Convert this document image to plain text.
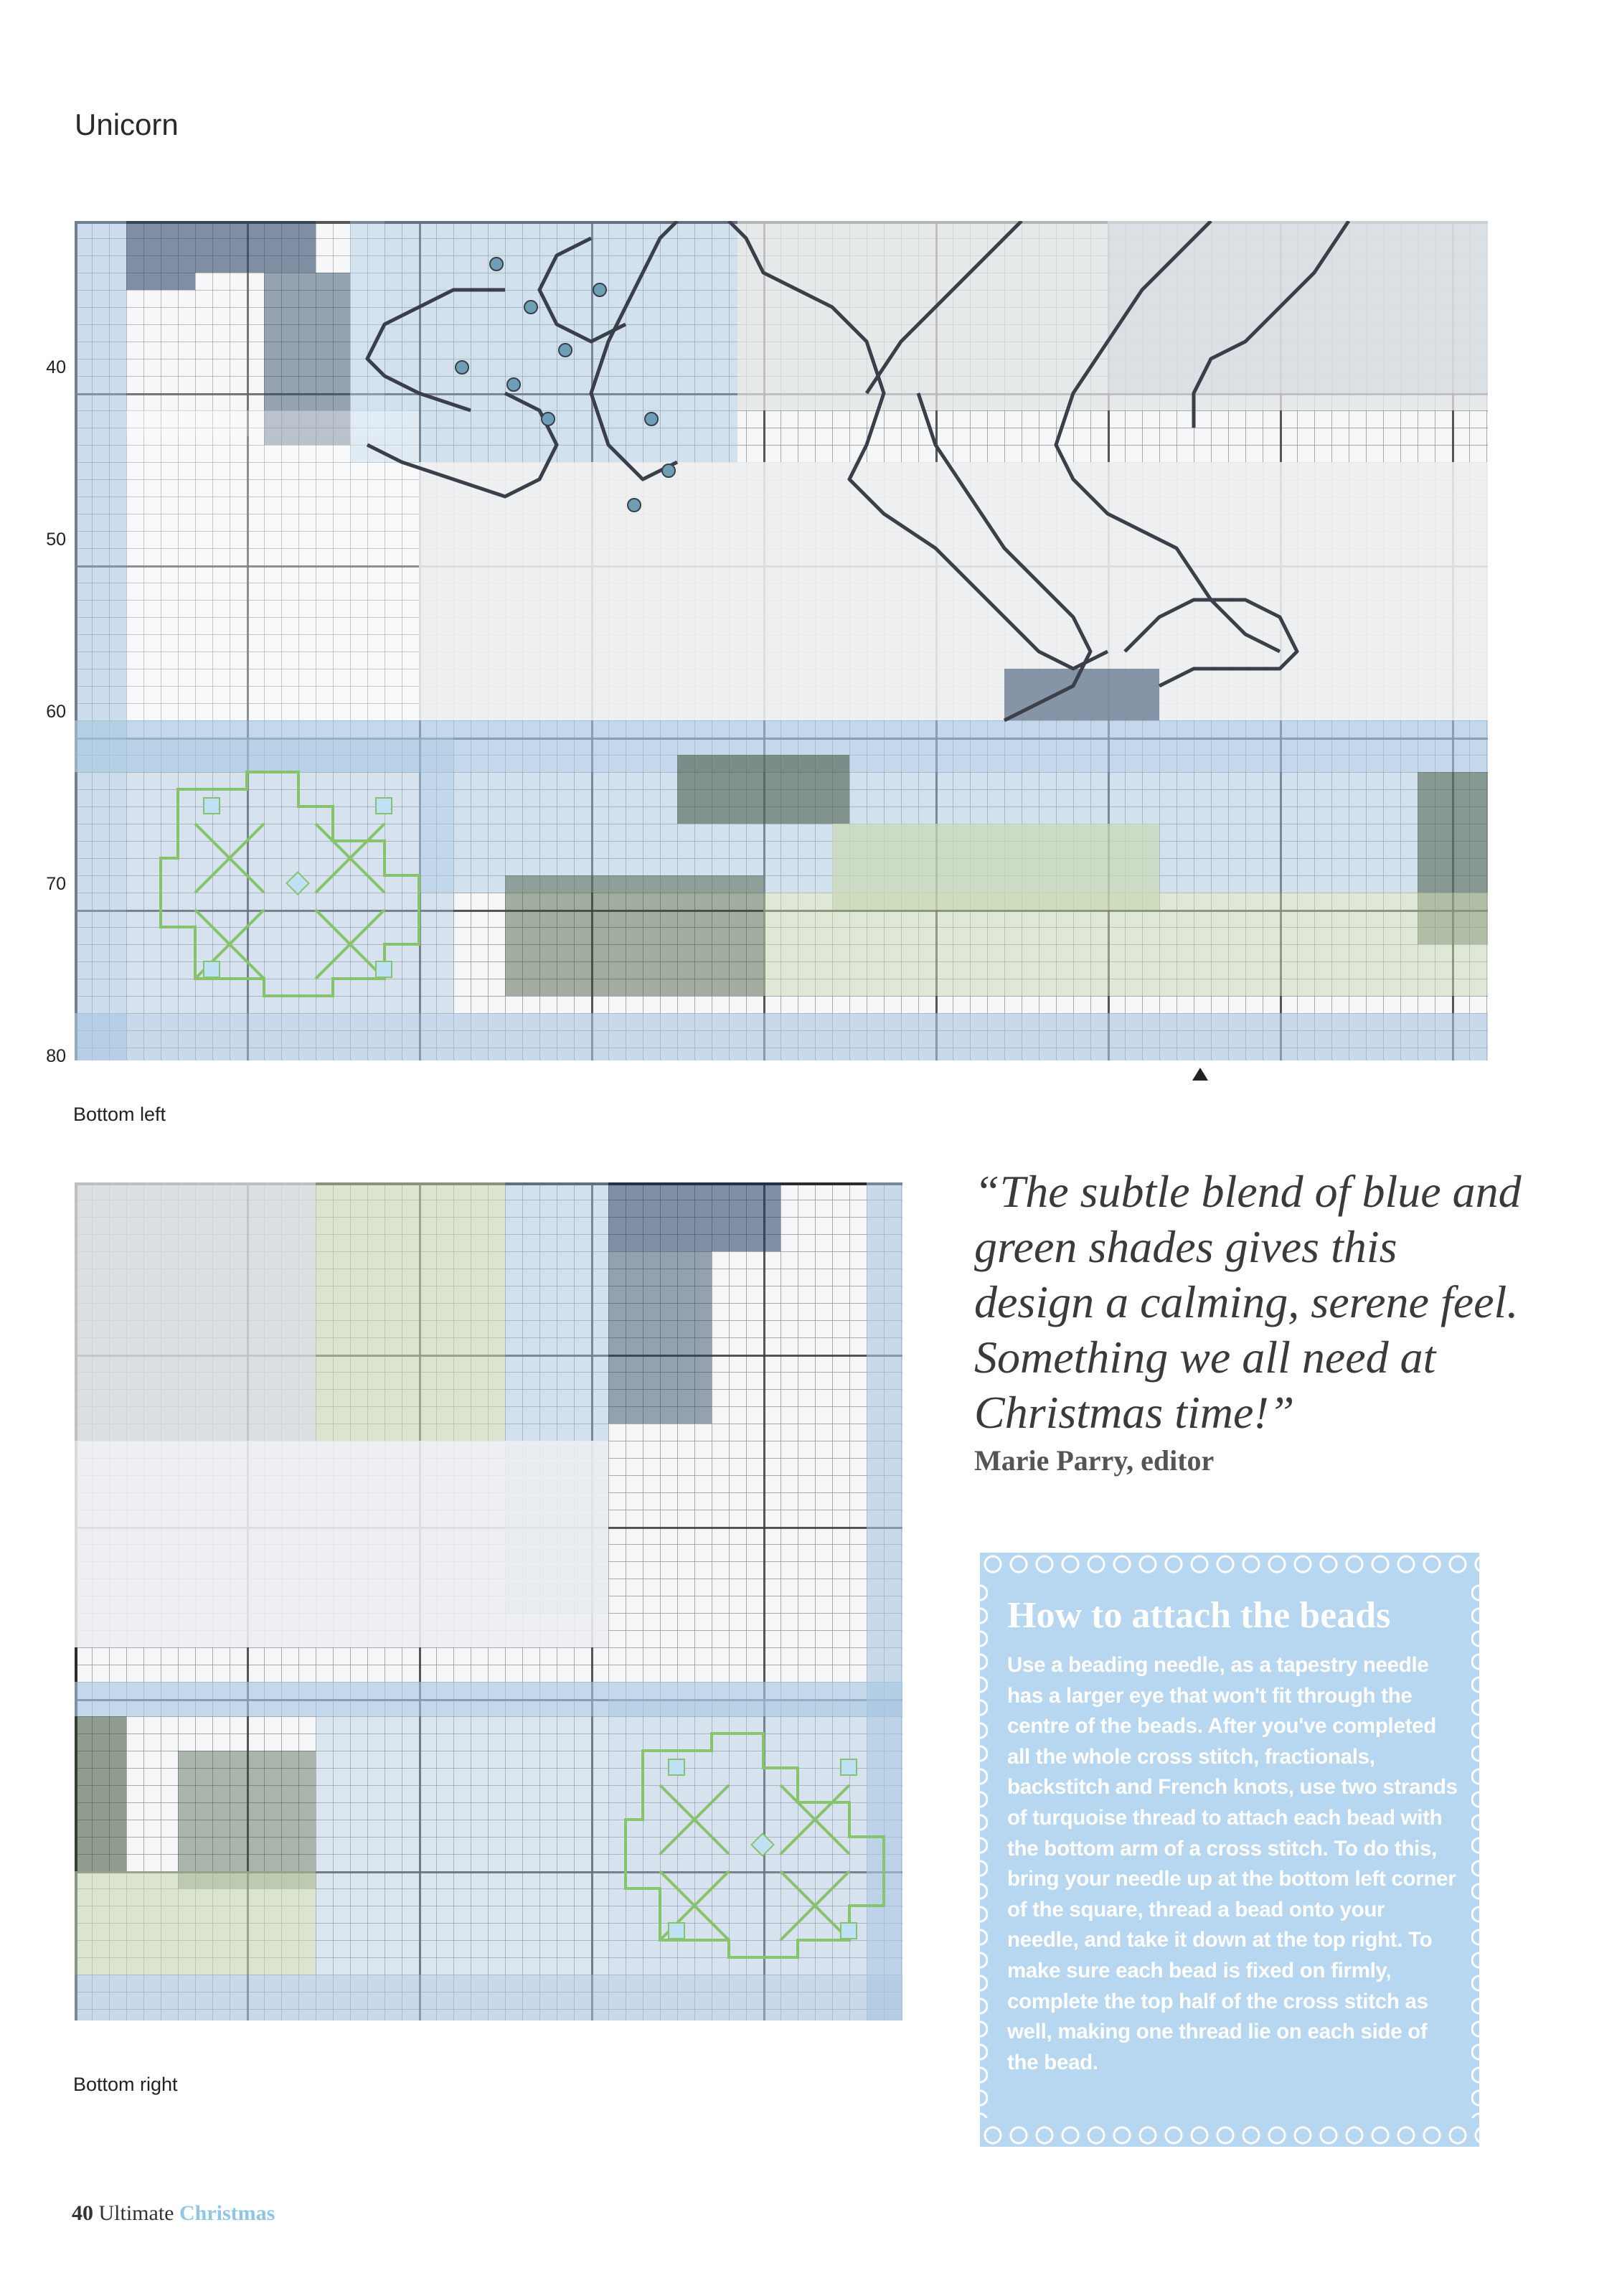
Unicorn
40
50
60
70
80
Bottom left
Bottom right
“The subtle blend of blue and green shades gives this design a calming, serene feel. Something we all need at Christmas time!”
Marie Parry, editor
How to attach the beads
Use a beading needle, as a tapestry needle has a larger eye that won't fit through the centre of the beads. After you've completed all the whole cross stitch, fractionals, backstitch and French knots, use two strands of turquoise thread to attach each bead with the bottom arm of a cross stitch. To do this, bring your needle up at the bottom left corner of the square, thread a bead onto your needle, and take it down at the top right. To make sure each bead is fixed on firmly, complete the top half of the cross stitch as well, making one thread lie on each side of the bead.
40 Ultimate Christmas
